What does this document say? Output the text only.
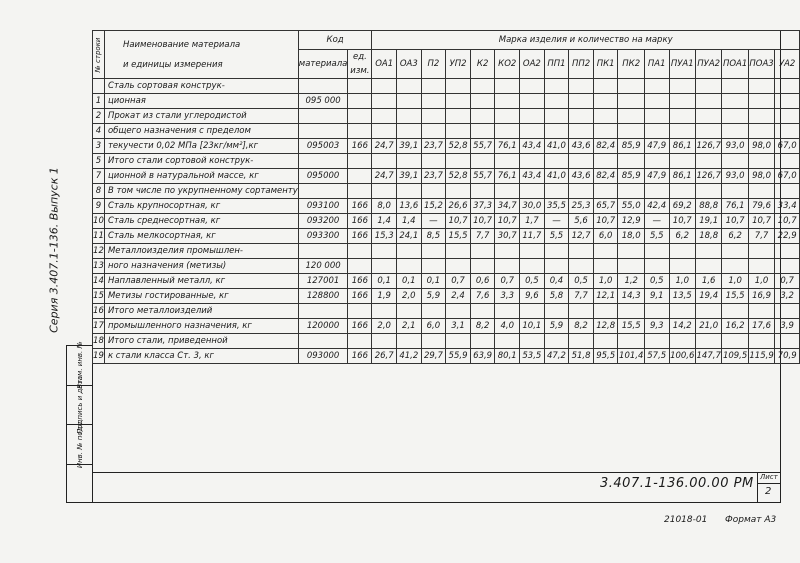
Серия 3.407.1-136. Выпуск 1
Взам. инв. №
Подпись и дата
Инв. № подл.
№ строки	Наименование материала
и единицы измерения	Код		Марка изделия и количество на марку																
		материала	ед. изм.	ОА1	ОА3	П2	УП2	К2	КО2	ОА2	ПП1	ПП2	ПК1	ПК2	ПА1	ПУА1	ПУА2	ПОА1	ПОА3	УА2

	Сталь сортовая конструк-																			
1	ционная	095 000																		
2	Прокат из стали углеродистой																			
4	общего назначения с пределом																			
3	текучести 0,02 МПа [23кг/мм²],кг	095003	166	24,7	39,1	23,7	52,8	55,7	76,1	43,4	41,0	43,6	82,4	85,9	47,9	86,1	126,7	93,0	98,0	67,0
5	Итого стали сортовой конструк-																			
7	ционной в натуральной массе, кг	095000		24,7	39,1	23,7	52,8	55,7	76,1	43,4	41,0	43,6	82,4	85,9	47,9	86,1	126,7	93,0	98,0	67,0
8	В том числе по укрупненному сортаменту																			
9	Сталь крупносортная, кг	093100	166	8,0	13,6	15,2	26,6	37,3	34,7	30,0	35,5	25,3	65,7	55,0	42,4	69,2	88,8	76,1	79,6	33,4
10	Сталь среднесортная, кг	093200	166	1,4	1,4	—	10,7	10,7	10,7	1,7	—	5,6	10,7	12,9	—	10,7	19,1	10,7	10,7	10,7
11	Сталь мелкосортная, кг	093300	166	15,3	24,1	8,5	15,5	7,7	30,7	11,7	5,5	12,7	6,0	18,0	5,5	6,2	18,8	6,2	7,7	22,9
12	Металлоизделия промышлен-																			
13	ного назначения (метизы)	120 000																		
14	Наплавленный металл, кг	127001	166	0,1	0,1	0,1	0,7	0,6	0,7	0,5	0,4	0,5	1,0	1,2	0,5	1,0	1,6	1,0	1,0	0,7
15	Метизы гостированные, кг	128800	166	1,9	2,0	5,9	2,4	7,6	3,3	9,6	5,8	7,7	12,1	14,3	9,1	13,5	19,4	15,5	16,9	3,2
16	Итого металлоизделий																			
17	промышленного назначения, кг	120000	166	2,0	2,1	6,0	3,1	8,2	4,0	10,1	5,9	8,2	12,8	15,5	9,3	14,2	21,0	16,2	17,6	3,9
18	Итого стали, приведенной																			
19	к стали класса Ст. 3, кг	093000	166	26,7	41,2	29,7	55,9	63,9	80,1	53,5	47,2	51,8	95,5	101,4	57,5	100,6	147,7	109,5	115,9	70,9
3.407.1-136.00.00 РМ Лист
2
21018-01 Формат А3
